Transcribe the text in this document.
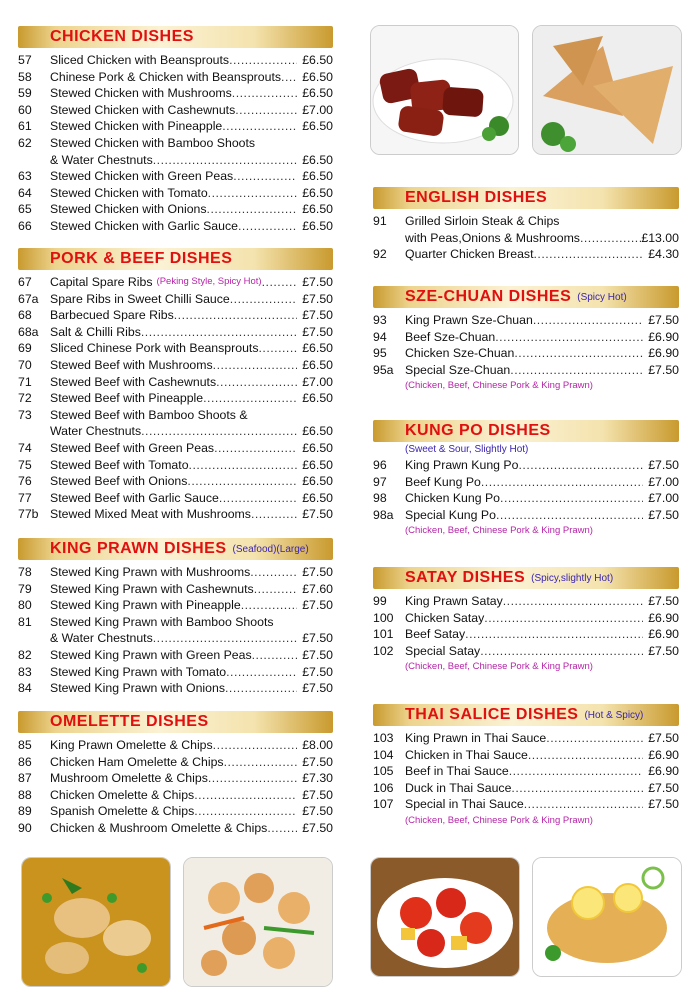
CHICKEN DISHES
57	Sliced Chicken with Beansprouts .....	£6.50
58	Chinese Pork & Chicken with Beansprouts .....	£6.50
59	Stewed Chicken with Mushrooms .....	£6.50
60	Stewed Chicken with Cashewnuts .....	£7.00
61	Stewed Chicken with Pineapple .....	£6.50
62	Stewed Chicken with Bamboo Shoots
& Water Chestnuts .....	£6.50
63	Stewed Chicken with Green Peas .....	£6.50
64	Stewed Chicken with Tomato .....	£6.50
65	Stewed Chicken with Onions .....	£6.50
66	Stewed Chicken with Garlic Sauce .....	£6.50
PORK & BEEF DISHES
67	Capital Spare Ribs (Peking Style, Spicy Hot) .....	£7.50
67a Spare Ribs in Sweet Chilli Sauce .....	£7.50
68	Barbecued Spare Ribs .....	£7.50
68a Salt & Chilli Ribs .....	£7.50
69	Sliced Chinese Pork with Beansprouts .....	£6.50
70	Stewed Beef with Mushrooms .....	£6.50
71	Stewed Beef with Cashewnuts .....	£7.00
72	Stewed Beef with Pineapple .....	£6.50
73	Stewed Beef with Bamboo Shoots &
Water Chestnuts .....	£6.50
74	Stewed Beef with Green Peas .....	£6.50
75	Stewed Beef with Tomato .....	£6.50
76	Stewed Beef with Onions .....	£6.50
77	Stewed Beef with Garlic Sauce .....	£6.50
77b Stewed Mixed Meat with Mushrooms .....	£7.50
KING PRAWN DISHES (Seafood)(Large)
78	Stewed King Prawn with Mushrooms .....	£7.50
79	Stewed King Prawn with Cashewnuts .....	£7.60
80	Stewed King Prawn with Pineapple .....	£7.50
81	Stewed King Prawn with Bamboo Shoots
& Water Chestnuts .....	£7.50
82	Stewed King Prawn with Green Peas .....	£7.50
83	Stewed King Prawn with Tomato .....	£7.50
84	Stewed King Prawn with Onions .....	£7.50
OMELETTE DISHES
85	King Prawn Omelette & Chips .....	£8.00
86	Chicken Ham Omelette & Chips .....	£7.50
87	Mushroom Omelette & Chips .....	£7.30
88	Chicken Omelette & Chips .....	£7.50
89	Spanish Omelette & Chips .....	£7.50
90	Chicken & Mushroom Omelette & Chips .....	£7.50
ENGLISH DISHES
91	Grilled Sirloin Steak & Chips
with Peas,Onions & Mushrooms .....	£13.00
92	Quarter Chicken Breast .....	£4.30
SZE-CHUAN DISHES (Spicy Hot)
93	King Prawn Sze-Chuan .....	£7.50
94	Beef Sze-Chuan .....	£6.90
95	Chicken Sze-Chuan .....	£6.90
95a Special Sze-Chuan .....	£7.50
(Chicken, Beef, Chinese Pork & King Prawn)
KUNG PO DISHES
(Sweet & Sour, Slightly Hot)
96	King Prawn Kung Po .....	£7.50
97	Beef Kung Po .....	£7.00
98	Chicken Kung Po .....	£7.00
98a Special Kung Po .....	£7.50
(Chicken, Beef, Chinese Pork & King Prawn)
SATAY DISHES (Spicy,slightly Hot)
99	King Prawn Satay .....	£7.50
100 Chicken Satay .....	£6.90
101 Beef Satay .....	£6.90
102 Special Satay .....	£7.50
(Chicken, Beef, Chinese Pork & King Prawn)
THAI SALICE DISHES (Hot & Spicy)
103 King Prawn in Thai Sauce .....	£7.50
104 Chicken in Thai Sauce .....	£6.90
105 Beef in Thai Sauce .....	£6.90
106 Duck in Thai Sauce .....	£7.50
107 Special in Thai Sauce .....	£7.50
(Chicken, Beef, Chinese Pork & King Prawn)
